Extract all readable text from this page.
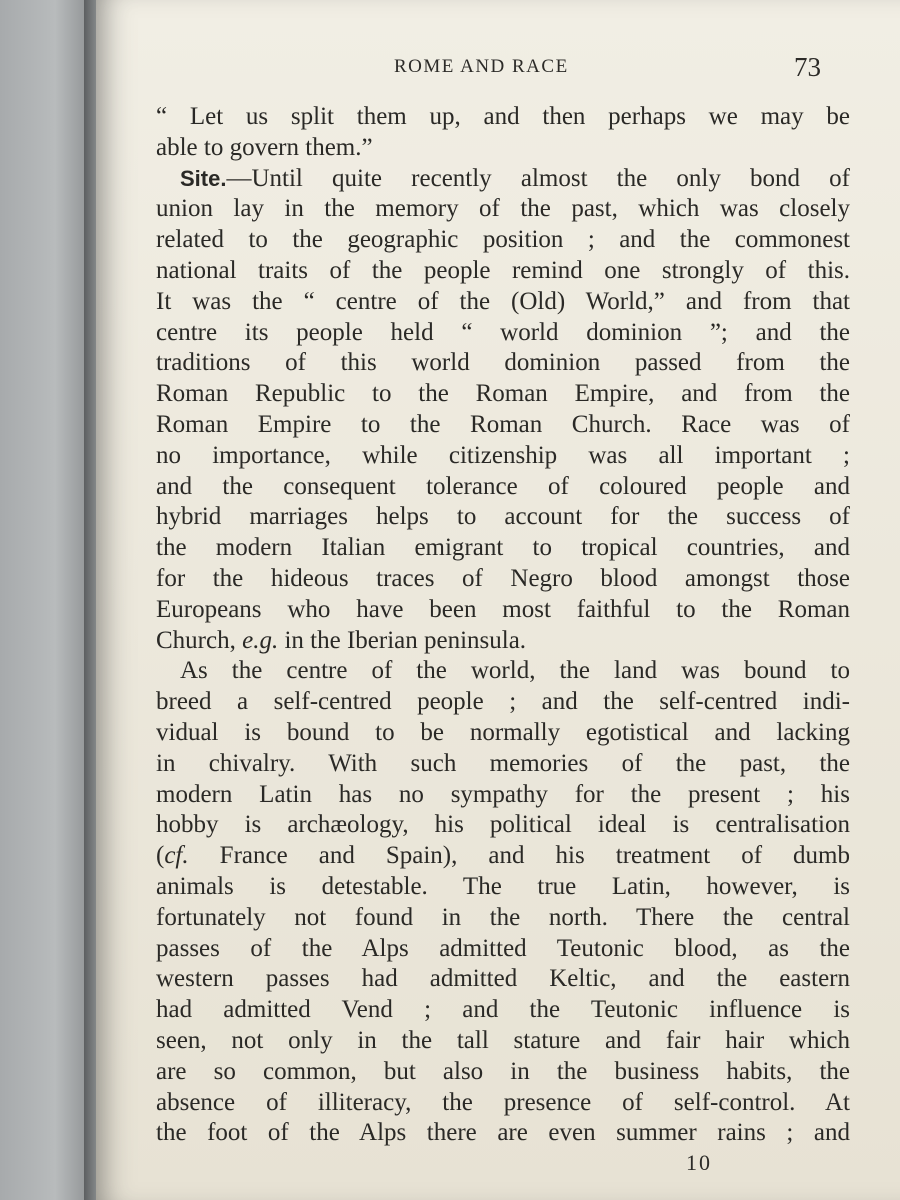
ROME AND RACE	73
“ Let us split them up, and then perhaps we may be
able to govern them.”
Site.—Until quite recently almost the only bond of
union lay in the memory of the past, which was closely
related to the geographic position ; and the commonest
national traits of the people remind one strongly of this.
It was the “ centre of the (Old) World,” and from that
centre its people held “ world dominion ”; and the
traditions of this world dominion passed from the
Roman Republic to the Roman Empire, and from the
Roman Empire to the Roman Church. Race was of
no importance, while citizenship was all important ;
and the consequent tolerance of coloured people and
hybrid marriages helps to account for the success of
the modern Italian emigrant to tropical countries, and
for the hideous traces of Negro blood amongst those
Europeans who have been most faithful to the Roman
Church, e.g. in the Iberian peninsula.
As the centre of the world, the land was bound to
breed a self-centred people ; and the self-centred indi-
vidual is bound to be normally egotistical and lacking
in chivalry. With such memories of the past, the
modern Latin has no sympathy for the present ; his
hobby is archæology, his political ideal is centralisation
(cf. France and Spain), and his treatment of dumb
animals is detestable. The true Latin, however, is
fortunately not found in the north. There the central
passes of the Alps admitted Teutonic blood, as the
western passes had admitted Keltic, and the eastern
had admitted Vend ; and the Teutonic influence is
seen, not only in the tall stature and fair hair which
are so common, but also in the business habits, the
absence of illiteracy, the presence of self-control. At
the foot of the Alps there are even summer rains ; and
10
